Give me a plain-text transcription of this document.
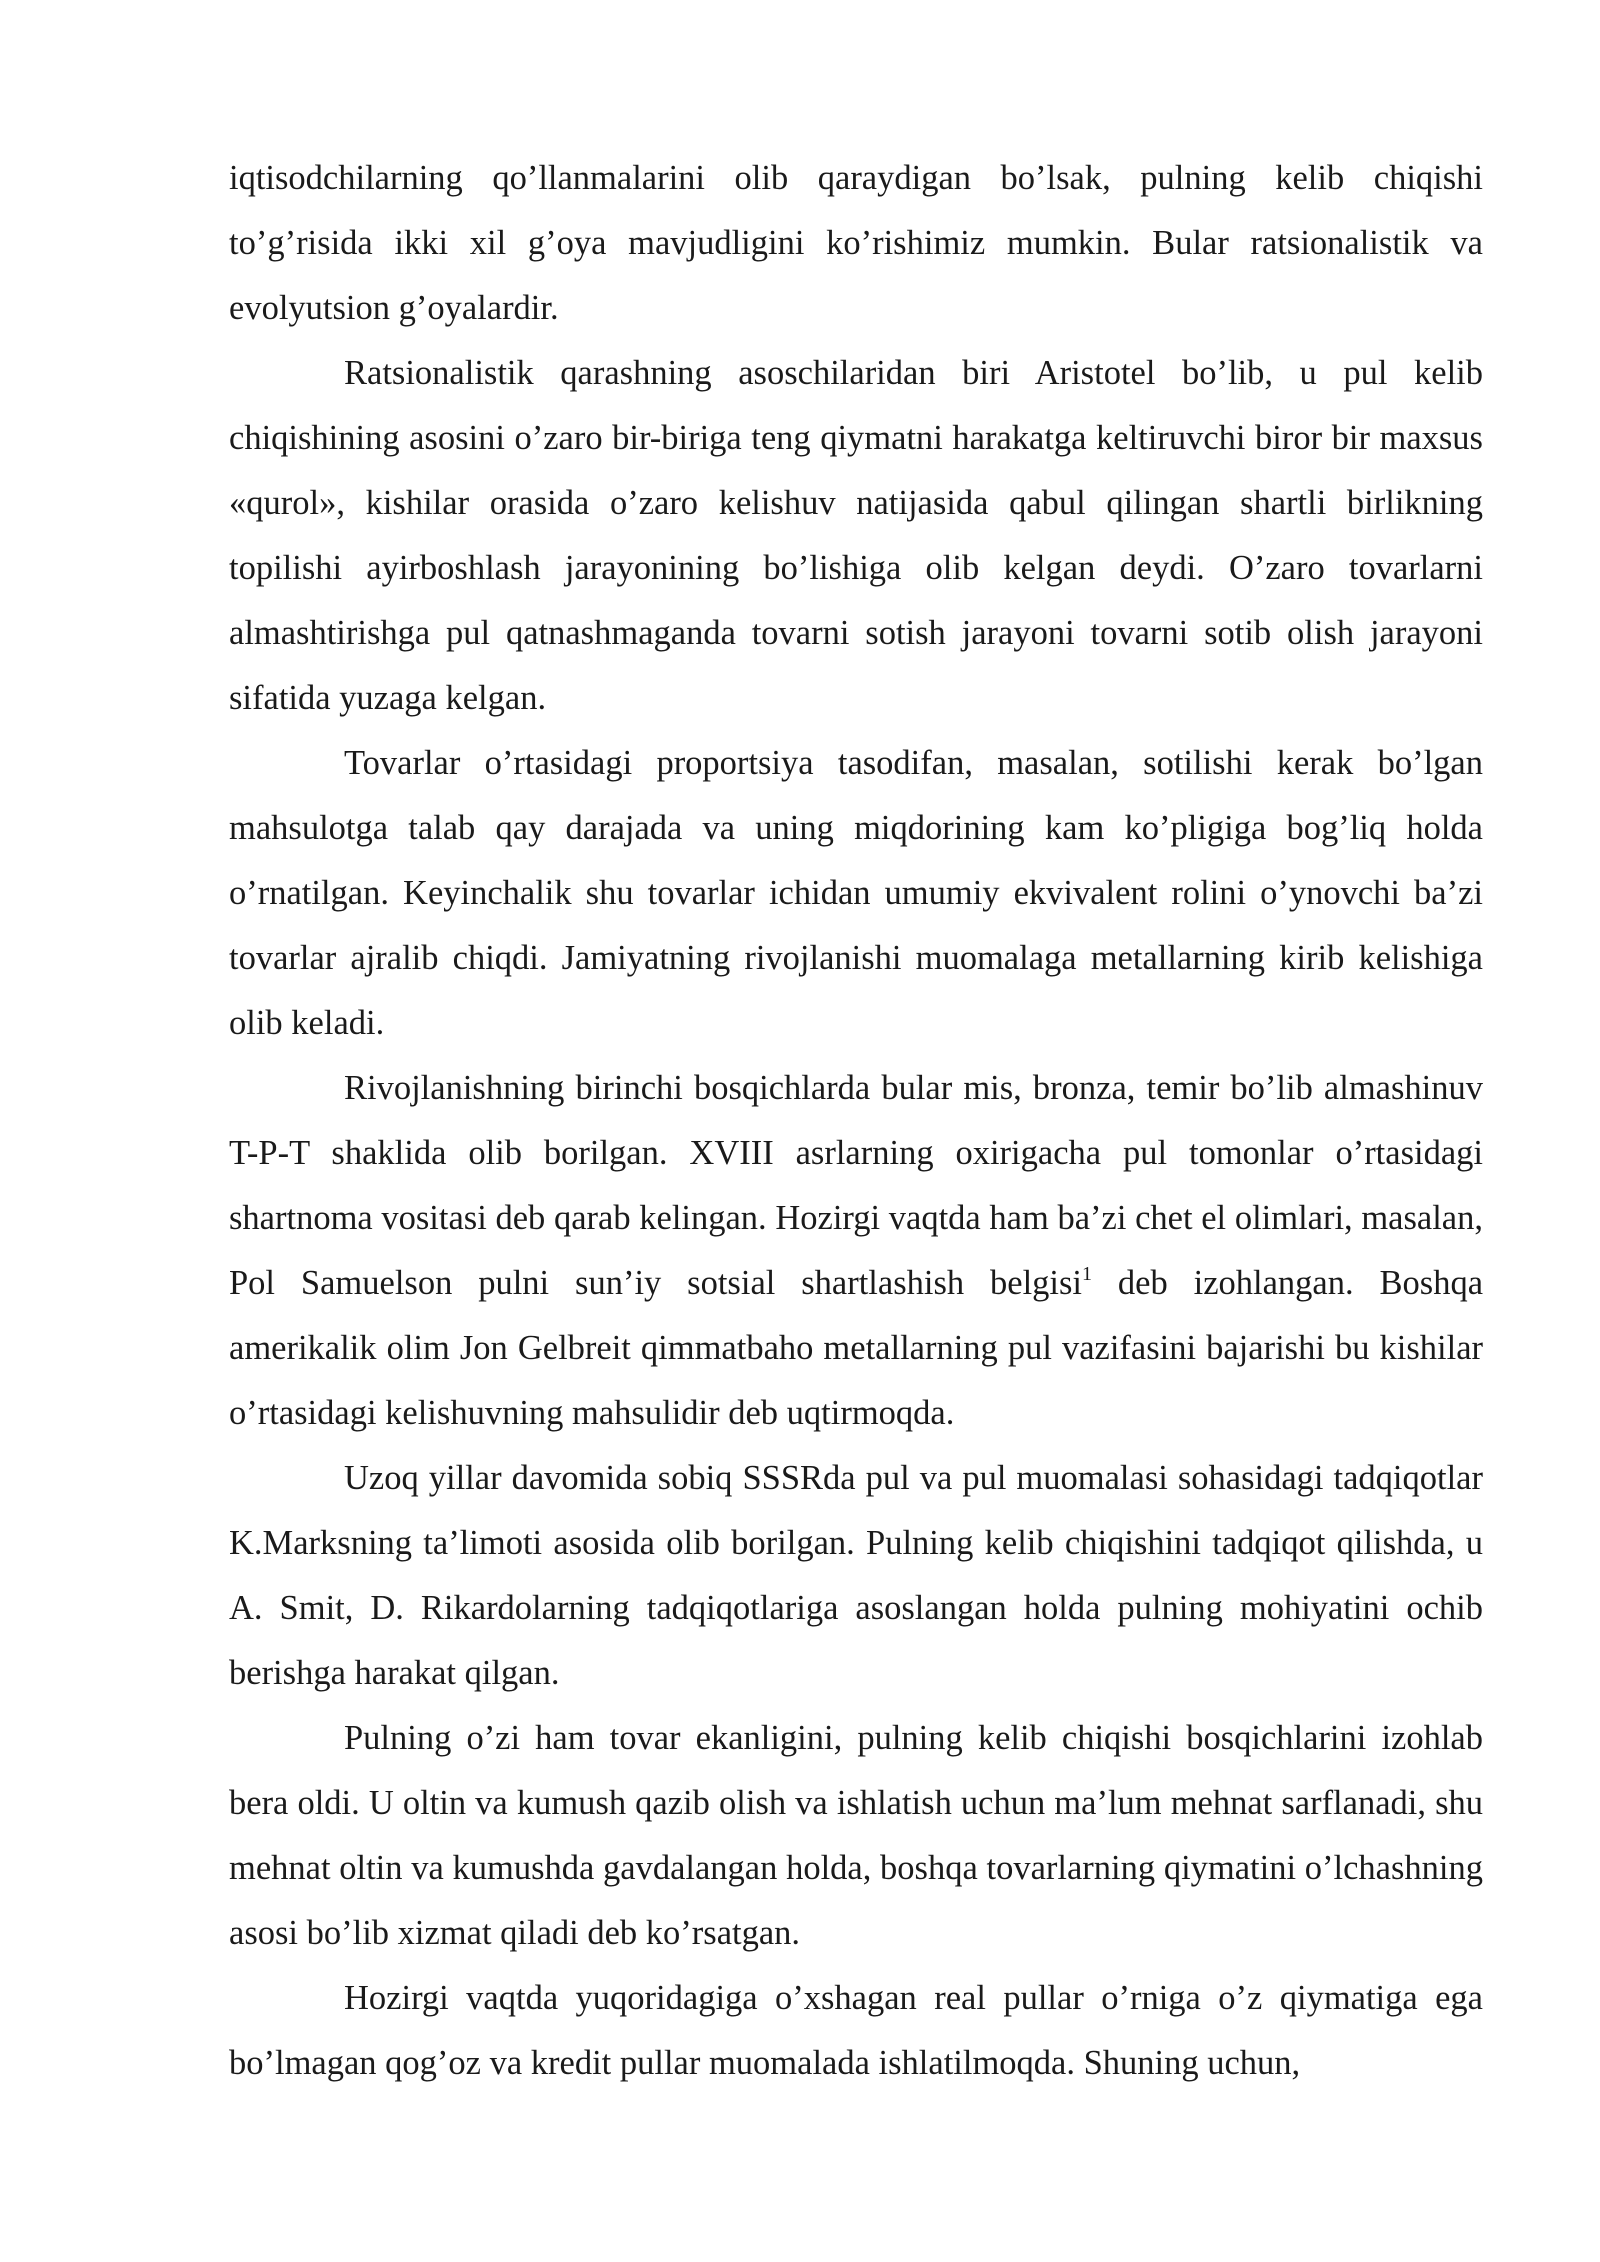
iqtisodchilarning qo’llanmalarini olib qaraydigan bo’lsak, pulning kelib chiqishi to’g’risida ikki xil g’oya mavjudligini ko’rishimiz mumkin. Bular ratsionalistik va evolyutsion g’oyalardir.

Ratsionalistik qarashning asoschilaridan biri Aristotel bo’lib, u pul kelib chiqishining asosini o’zaro bir-biriga teng qiymatni harakatga keltiruvchi biror bir maxsus «qurol», kishilar orasida o’zaro kelishuv natijasida qabul qilingan shartli birlikning topilishi ayirboshlash jarayonining bo’lishiga olib kelgan deydi. O’zaro tovarlarni almashtirishga pul qatnashmaganda tovarni sotish jarayoni tovarni sotib olish jarayoni sifatida yuzaga kelgan.

Tovarlar o’rtasidagi proportsiya tasodifan, masalan, sotilishi kerak bo’lgan mahsulotga talab qay darajada va uning miqdorining kam ko’pligiga bog’liq holda o’rnatilgan. Keyinchalik shu tovarlar ichidan umumiy ekvivalent rolini o’ynovchi ba’zi tovarlar ajralib chiqdi. Jamiyatning rivojlanishi muomalaga metallarning kirib kelishiga olib keladi.

Rivojlanishning birinchi bosqichlarda bular mis, bronza, temir bo’lib almashinuv T-P-T shaklida olib borilgan. XVIII asrlarning oxirigacha pul tomonlar o’rtasidagi shartnoma vositasi deb qarab kelingan. Hozirgi vaqtda ham ba’zi chet el olimlari, masalan, Pol Samuelson pulni sun’iy sotsial shartlashish belgisi$^1$ deb izohlangan. Boshqa amerikalik olim Jon Gelbreit qimmatbaho metallarning pul vazifasini bajarishi bu kishilar o’rtasidagi kelishuvning mahsulidir deb uqtirmoqda.

Uzoq yillar davomida sobiq SSSRda pul va pul muomalasi sohasidagi tadqiqotlar K.Marksning ta’limoti asosida olib borilgan. Pulning kelib chiqishini tadqiqot qilishda, u A. Smit, D. Rikardolarning tadqiqotlariga asoslangan holda pulning mohiyatini ochib berishga harakat qilgan.

Pulning o’zi ham tovar ekanligini, pulning kelib chiqishi bosqichlarini izohlab bera oldi. U oltin va kumush qazib olish va ishlatish uchun ma’lum mehnat sarflanadi, shu mehnat oltin va kumushda gavdalangan holda, boshqa tovarlarning qiymatini o’lchashning asosi bo’lib xizmat qiladi deb ko’rsatgan.

Hozirgi vaqtda yuqoridagiga o’xshagan real pullar o’rniga o’z qiymatiga ega bo’lmagan qog’oz va kredit pullar muomalada ishlatilmoqda. Shuning uchun,
